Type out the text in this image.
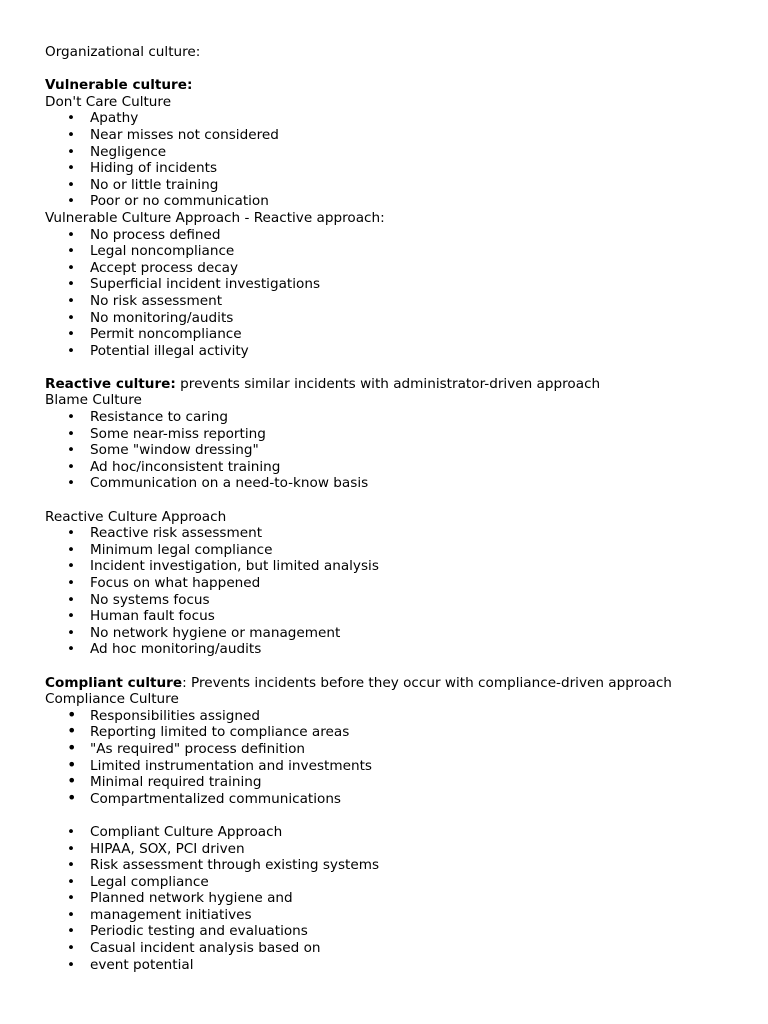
Organizational culture:
Vulnerable culture:
Don't Care Culture
• Apathy
• Near misses not considered
• Negligence
• Hiding of incidents
• No or little training
• Poor or no communication
Vulnerable Culture Approach - Reactive approach:
• No process defined
• Legal noncompliance
• Accept process decay
• Superficial incident investigations
• No risk assessment
• No monitoring/audits
• Permit noncompliance
• Potential illegal activity
Reactive culture: prevents similar incidents with administrator-driven approach
Blame Culture
• Resistance to caring
• Some near-miss reporting
• Some "window dressing"
• Ad hoc/inconsistent training
• Communication on a need-to-know basis
Reactive Culture Approach
• Reactive risk assessment
• Minimum legal compliance
• Incident investigation, but limited analysis
• Focus on what happened
• No systems focus
• Human fault focus
• No network hygiene or management
• Ad hoc monitoring/audits
Compliant culture: Prevents incidents before they occur with compliance-driven approach
Compliance Culture
• Responsibilities assigned
• Reporting limited to compliance areas
• "As required" process definition
• Limited instrumentation and investments
• Minimal required training
• Compartmentalized communications
• Compliant Culture Approach
• HIPAA, SOX, PCI driven
• Risk assessment through existing systems
• Legal compliance
• Planned network hygiene and
• management initiatives
• Periodic testing and evaluations
• Casual incident analysis based on
• event potential
